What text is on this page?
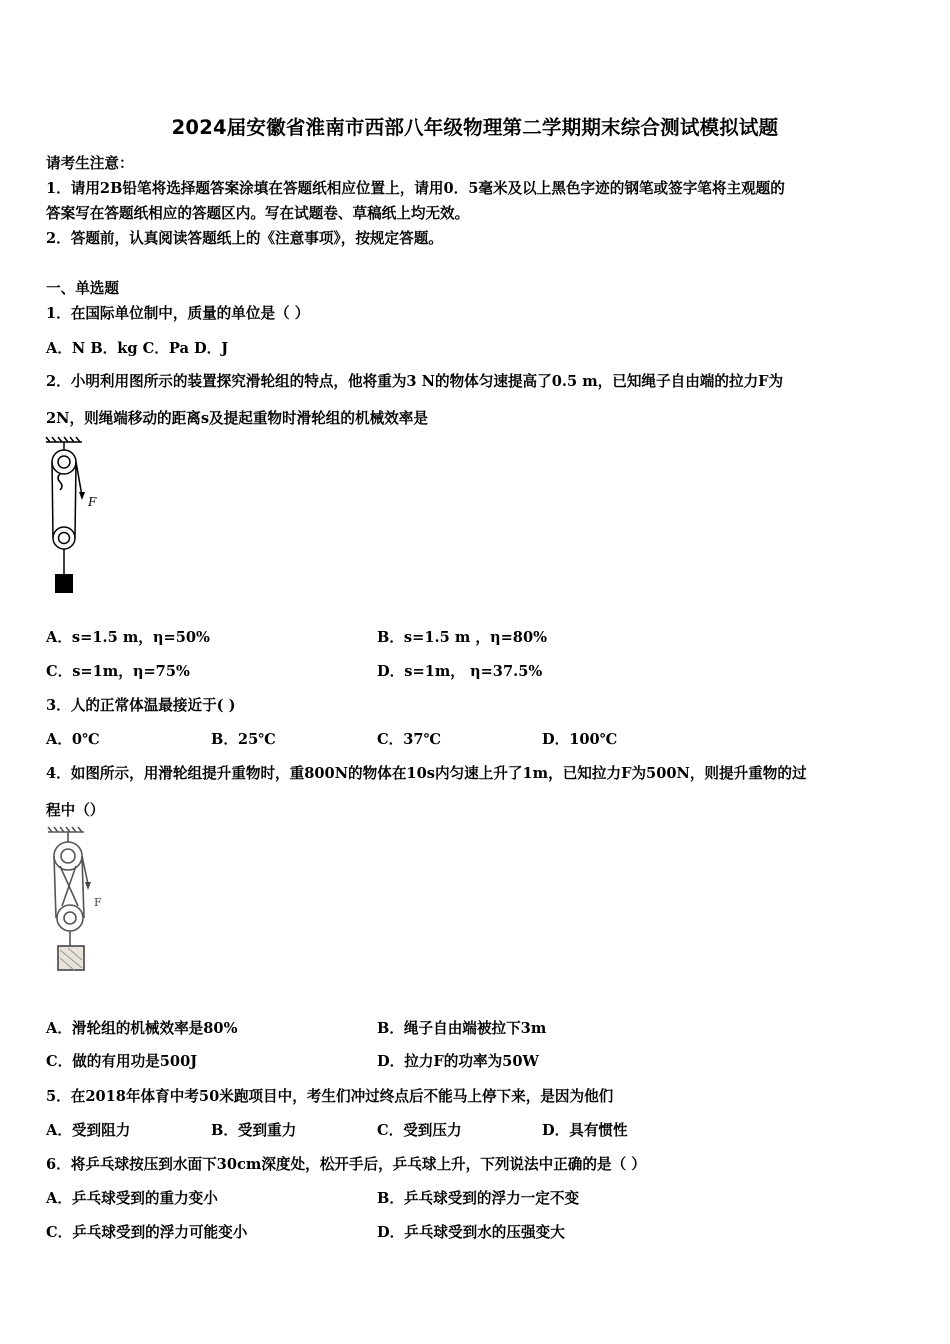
2024届安徽省淮南市西部八年级物理第二学期期末综合测试模拟试题
请考生注意：
1．请用2B铅笔将选择题答案涂填在答题纸相应位置上，请用0．5毫米及以上黑色字迹的钢笔或签字笔将主观题的
答案写在答题纸相应的答题区内。写在试题卷、草稿纸上均无效。
2．答题前，认真阅读答题纸上的《注意事项》，按规定答题。
一、单选题
1．在国际单位制中，质量的单位是（ ）
A．N B．kg C．Pa D．J
2．小明利用图所示的装置探究滑轮组的特点，他将重为3 N的物体匀速提高了0.5 m，已知绳子自由端的拉力F为
2N，则绳端移动的距离s及提起重物时滑轮组的机械效率是
F
A．s=1.5 m，η=50%	B．s=1.5 m ，η=80%
C．s=1m，η=75%	D．s=1m， η=37.5%
3．人的正常体温最接近于( )
A．0℃	B．25℃	C．37℃	D．100℃
4．如图所示，用滑轮组提升重物时，重800N的物体在10s内匀速上升了1m，已知拉力F为500N，则提升重物的过
程中（）
F
A．滑轮组的机械效率是80%	B．绳子自由端被拉下3m
C．做的有用功是500J	D．拉力F的功率为50W
5．在2018年体育中考50米跑项目中，考生们冲过终点后不能马上停下来，是因为他们
A．受到阻力	B．受到重力	C．受到压力	D．具有惯性
6．将乒乓球按压到水面下30cm深度处，松开手后，乒乓球上升，下列说法中正确的是（ ）
A．乒乓球受到的重力变小	B．乒乓球受到的浮力一定不变
C．乒乓球受到的浮力可能变小	D．乒乓球受到水的压强变大
